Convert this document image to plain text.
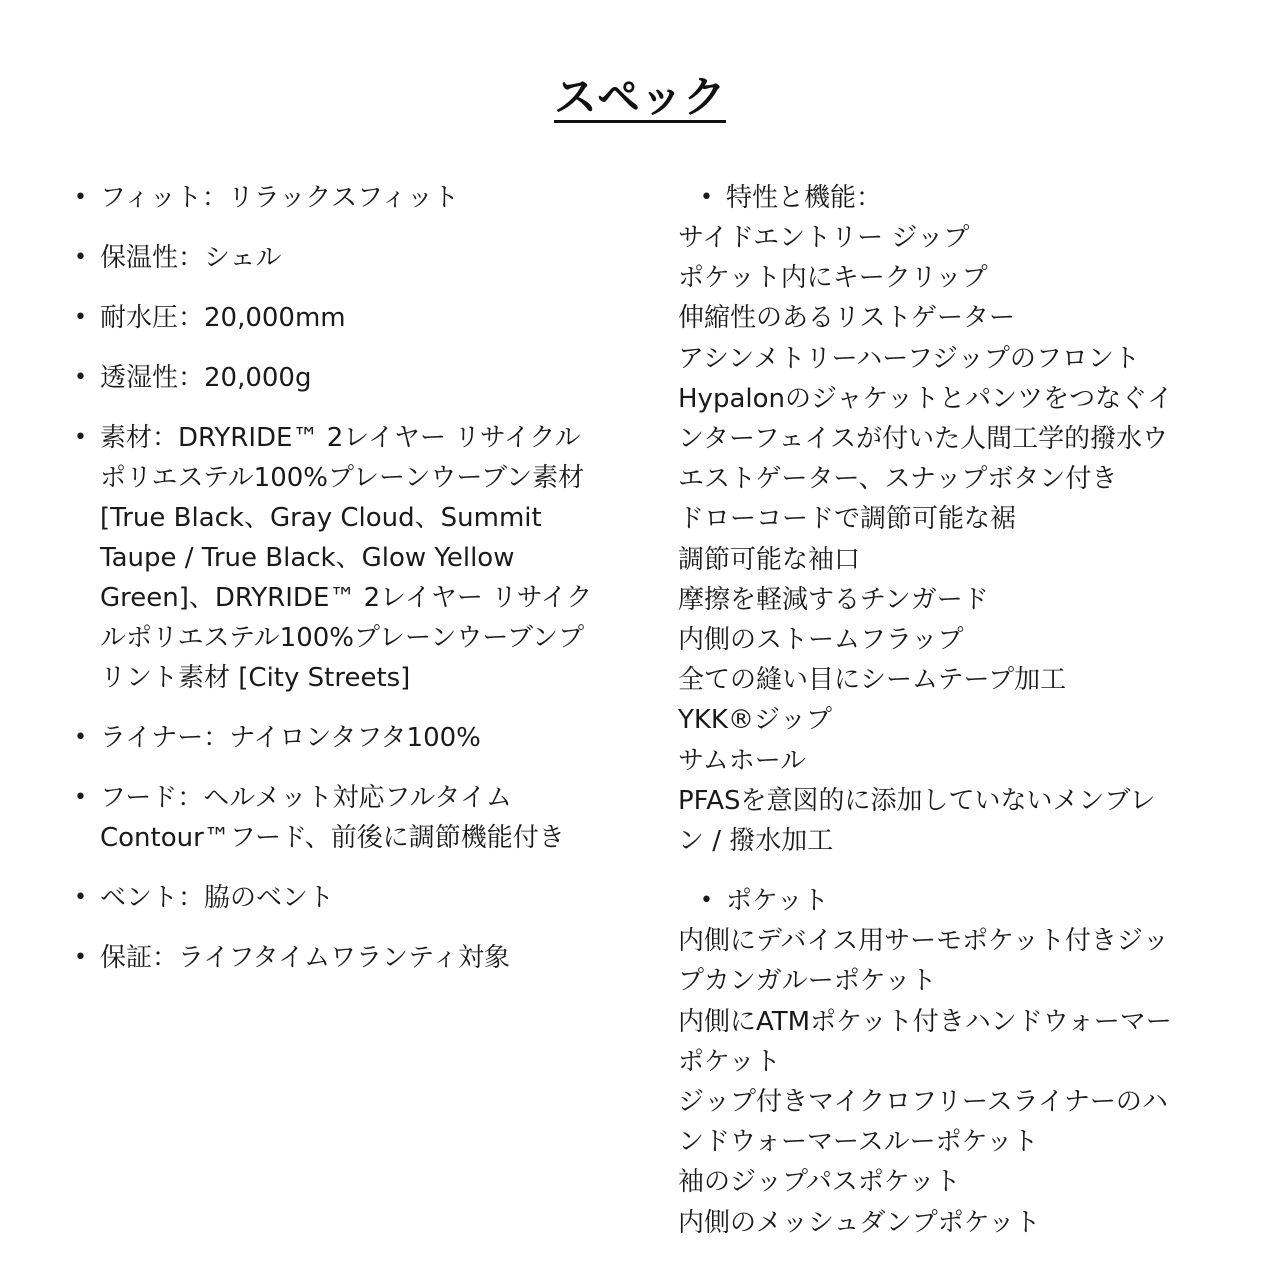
スペック
• フィット：リラックスフィット
• 保温性：シェル
• 耐水圧：20,000mm
• 透湿性：20,000g
• 素材：DRYRIDE™ 2レイヤー リサイクルポリエステル100%プレーンウーブン素材 [True Black、Gray Cloud、Summit Taupe / True Black、Glow Yellow Green]、DRYRIDE™ 2レイヤー リサイクルポリエステル100%プレーンウーブンプリント素材 [City Streets]
• ライナー：ナイロンタフタ100%
• フード：ヘルメット対応フルタイムContour™フード、前後に調節機能付き
• ベント：脇のベント
• 保証：ライフタイムワランティ対象
• 特性と機能：
サイドエントリー ジップ
ポケット内にキークリップ
伸縮性のあるリストゲーター
アシンメトリーハーフジップのフロント
Hypalonのジャケットとパンツをつなぐイ
ンターフェイスが付いた人間工学的撥水ウ
エストゲーター、スナップボタン付き
ドローコードで調節可能な裾
調節可能な袖口
摩擦を軽減するチンガード
内側のストームフラップ
全ての縫い目にシームテープ加工
YKK®ジップ
サムホール
PFASを意図的に添加していないメンブレ
ン / 撥水加工
• ポケット
内側にデバイス用サーモポケット付きジッ
プカンガルーポケット
内側にATMポケット付きハンドウォーマー
ポケット
ジップ付きマイクロフリースライナーのハ
ンドウォーマースルーポケット
袖のジップパスポケット
内側のメッシュダンプポケット
